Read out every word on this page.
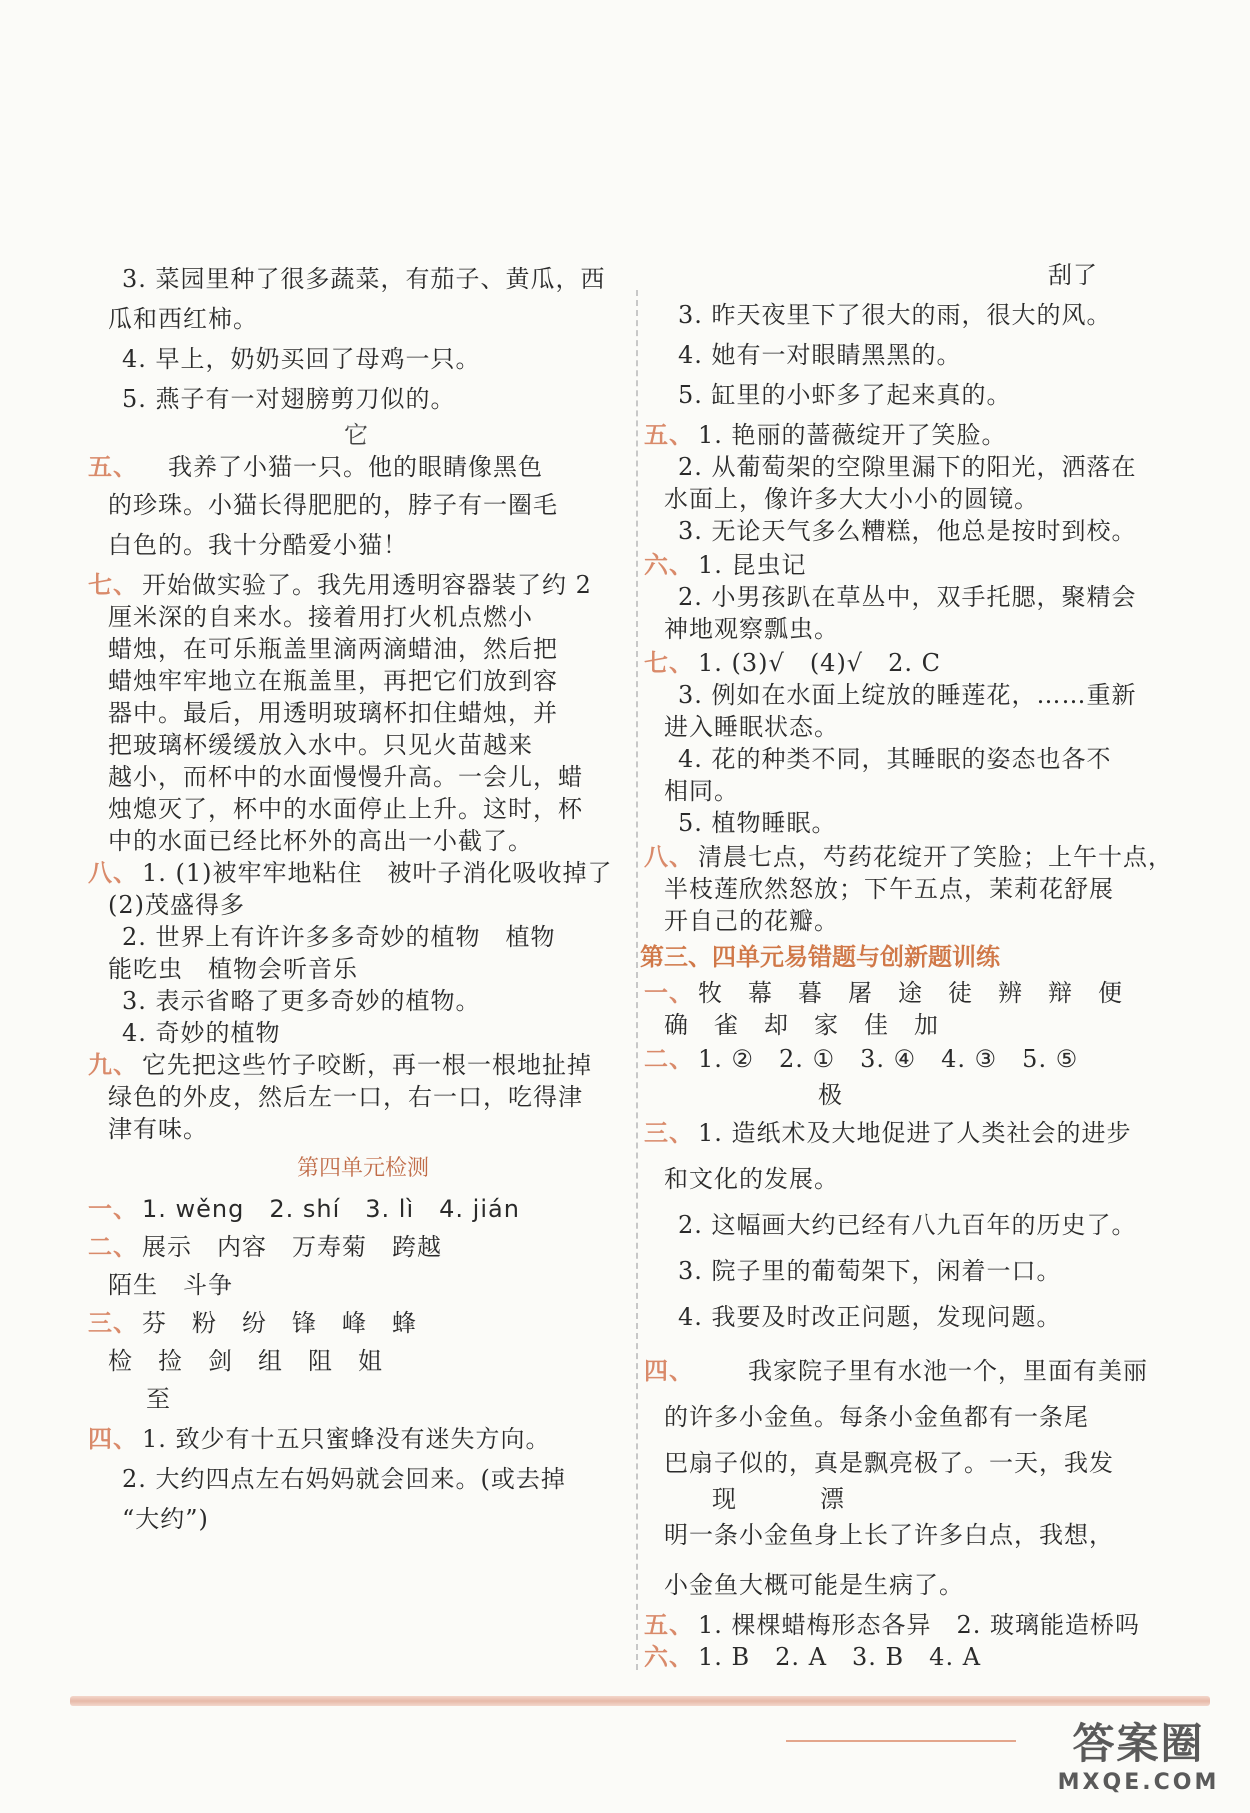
3. 菜园里种了很多蔬菜，有茄子、黄瓜，西
瓜和西红柿。
4. 早上，奶奶买回了母鸡一只。
5. 燕子有一对翅膀剪刀似的。
它
五、 我养了小猫一只。他的眼睛像黑色
的珍珠。小猫长得肥肥的，脖子有一圈毛
白色的。我十分酷爱小猫！
七、 开始做实验了。我先用透明容器装了约 2
厘米深的自来水。接着用打火机点燃小
蜡烛，在可乐瓶盖里滴两滴蜡油，然后把
蜡烛牢牢地立在瓶盖里，再把它们放到容
器中。最后，用透明玻璃杯扣住蜡烛，并
把玻璃杯缓缓放入水中。只见火苗越来
越小，而杯中的水面慢慢升高。一会儿，蜡
烛熄灭了，杯中的水面停止上升。这时，杯
中的水面已经比杯外的高出一小截了。
八、 1. (1)被牢牢地粘住　被叶子消化吸收掉了
(2)茂盛得多
2. 世界上有许许多多奇妙的植物　植物
能吃虫　植物会听音乐
3. 表示省略了更多奇妙的植物。
4. 奇妙的植物
九、 它先把这些竹子咬断，再一根一根地扯掉
绿色的外皮，然后左一口，右一口，吃得津
津有味。
第四单元检测
一、 1. wěng　2. shí　3. lì　4. jián
二、 展示　内容　万寿菊　跨越
陌生　斗争
三、 芬　粉　纷　锋　峰　蜂
检　捡　剑　组　阻　姐
至
四、 1. 致少有十五只蜜蜂没有迷失方向。
2. 大约四点左右妈妈就会回来。(或去掉
“大约”)
刮了
3. 昨天夜里下了很大的雨，很大的风。
4. 她有一对眼睛黑黑的。
5. 缸里的小虾多了起来真的。
五、 1. 艳丽的蔷薇绽开了笑脸。
2. 从葡萄架的空隙里漏下的阳光，洒落在
水面上，像许多大大小小的圆镜。
3. 无论天气多么糟糕，他总是按时到校。
六、 1. 昆虫记
2. 小男孩趴在草丛中，双手托腮，聚精会
神地观察瓢虫。
七、 1. (3)√　(4)√　2. C
3. 例如在水面上绽放的睡莲花，……重新
进入睡眠状态。
4. 花的种类不同，其睡眠的姿态也各不
相同。
5. 植物睡眠。
八、 清晨七点，芍药花绽开了笑脸；上午十点，
半枝莲欣然怒放；下午五点，茉莉花舒展
开自己的花瓣。
第三、四单元易错题与创新题训练
一、 牧　幕　暮　屠　途　徒　辨　辩　便
确　雀　却　家　佳　加
二、 1. ②　2. ①　3. ④　4. ③　5. ⑤
极
三、 1. 造纸术及大地促进了人类社会的进步
和文化的发展。
2. 这幅画大约已经有八九百年的历史了。
3. 院子里的葡萄架下，闲着一口。
4. 我要及时改正问题，发现问题。
四、 我家院子里有水池一个，里面有美丽
的许多小金鱼。每条小金鱼都有一条尾
巴扇子似的，真是飘亮极了。一天，我发
现　漂
明一条小金鱼身上长了许多白点，我想，
小金鱼大概可能是生病了。
五、 1. 棵棵蜡梅形态各异　2. 玻璃能造桥吗
六、 1. B　2. A　3. B　4. A
答案圈
MXQE.COM
